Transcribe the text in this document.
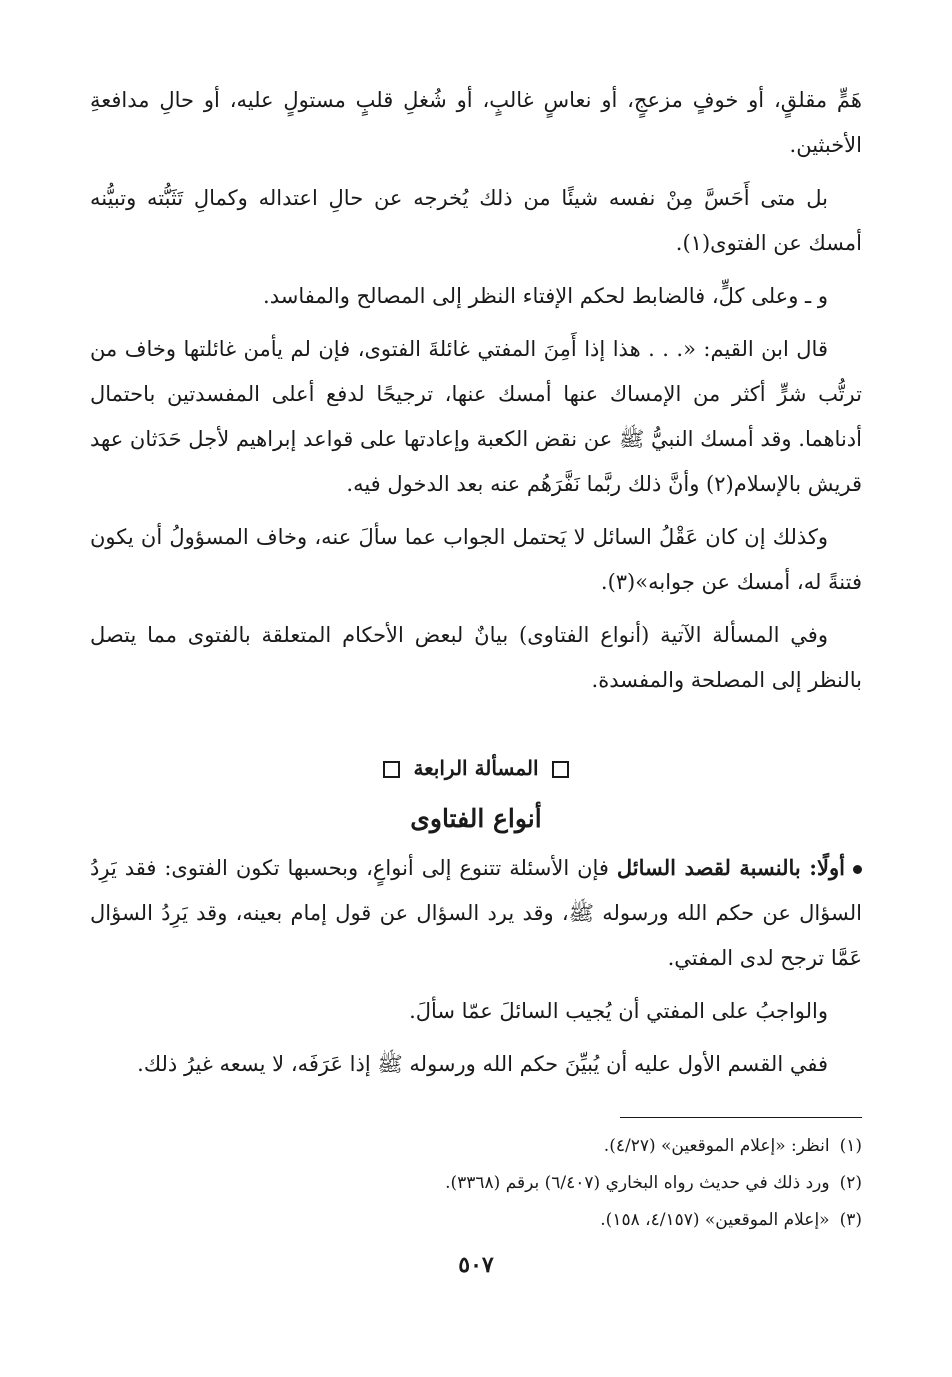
هَمٍّ مقلقٍ، أو خوفٍ مزعجٍ، أو نعاسٍ غالبٍ، أو شُغلِ قلبٍ مستولٍ عليه، أو حالِ مدافعةِ الأخبثين.

بل متى أَحَسَّ مِنْ نفسه شيئًا من ذلك يُخرجه عن حالِ اعتداله وكمالِ تَثَبُّته وتبيُّنه أمسك عن الفتوى(١).

و ـ وعلى كلٍّ، فالضابط لحكم الإفتاء النظر إلى المصالح والمفاسد.

قال ابن القيم: «. . . هذا إذا أَمِنَ المفتي غائلةَ الفتوى، فإن لم يأمن غائلتها وخاف من ترتُّب شرٍّ أكثر من الإمساك عنها أمسك عنها، ترجيحًا لدفع أعلى المفسدتين باحتمال أدناهما. وقد أمسك النبيُّ ﷺ عن نقض الكعبة وإعادتها على قواعد إبراهيم لأجل حَدَثان عهد قريش بالإسلام(٢) وأنَّ ذلك ربَّما نَفَّرَهُم عنه بعد الدخول فيه.

وكذلك إن كان عَقْلُ السائل لا يَحتمل الجواب عما سألَ عنه، وخاف المسؤولُ أن يكون فتنةً له، أمسك عن جوابه»(٣).

وفي المسألة الآتية (أنواع الفتاوى) بيانٌ لبعض الأحكام المتعلقة بالفتوى مما يتصل بالنظر إلى المصلحة والمفسدة.

المسألة الرابعة
أنواع الفتاوى

أولًا: بالنسبة لقصد السائل فإن الأسئلة تتنوع إلى أنواعٍ، وبحسبها تكون الفتوى: فقد يَرِدُ السؤال عن حكم الله ورسوله ﷺ، وقد يرد السؤال عن قول إمام بعينه، وقد يَرِدُ السؤال عَمَّا ترجح لدى المفتي.

والواجبُ على المفتي أن يُجيب السائلَ عمّا سألَ.

ففي القسم الأول عليه أن يُبيِّنَ حكم الله ورسوله ﷺ إذا عَرَفَه، لا يسعه غيرُ ذلك.

(١)انظر: «إعلام الموقعين» (٤/٢٧).

(٢)ورد ذلك في حديث رواه البخاري (٦/٤٠٧) برقم (٣٣٦٨).

(٣)«إعلام الموقعين» (٤/١٥٧، ١٥٨).

٥٠٧
